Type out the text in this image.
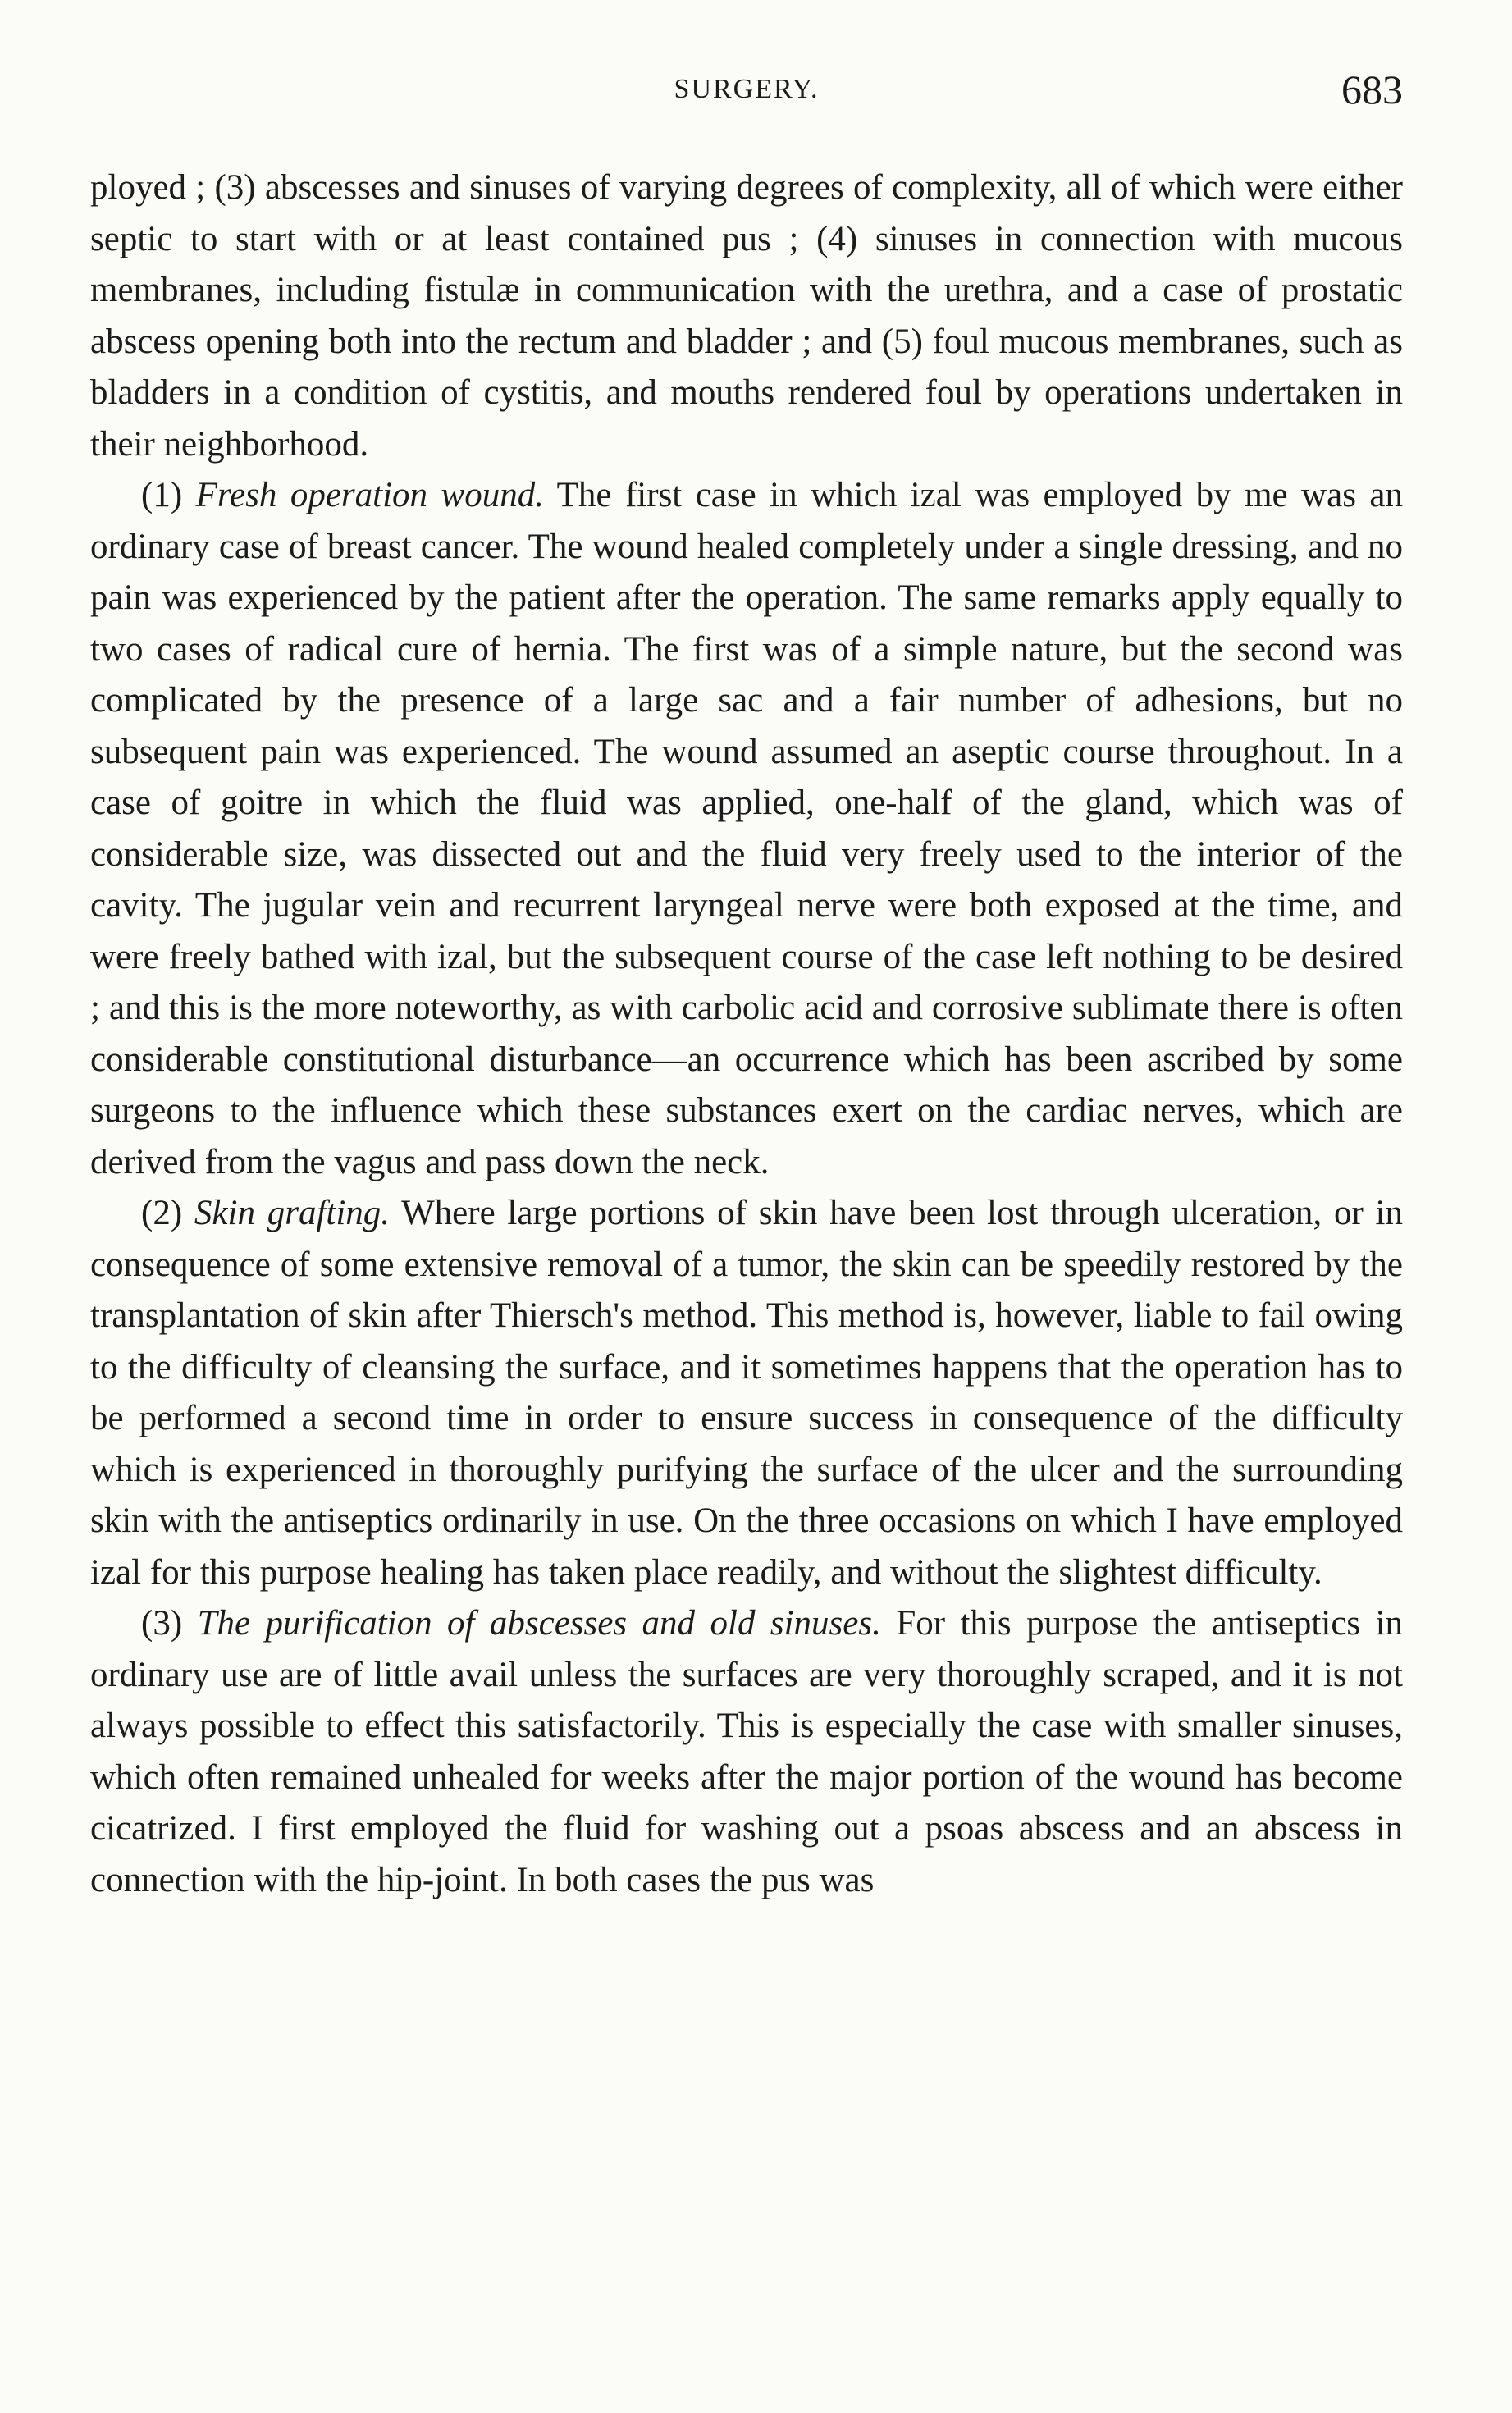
SURGERY.	683

ployed ; (3) abscesses and sinuses of varying degrees of complexity, all of which were either septic to start with or at least contained pus ; (4) sinuses in connection with mucous membranes, including fistulæ in communication with the urethra, and a case of prostatic abscess opening both into the rectum and bladder ; and (5) foul mucous membranes, such as bladders in a condition of cystitis, and mouths rendered foul by operations undertaken in their neighborhood.

(1) Fresh operation wound. The first case in which izal was employed by me was an ordinary case of breast cancer. The wound healed completely under a single dressing, and no pain was experienced by the patient after the operation. The same remarks apply equally to two cases of radical cure of hernia. The first was of a simple nature, but the second was complicated by the presence of a large sac and a fair number of adhesions, but no subsequent pain was experienced. The wound assumed an aseptic course throughout. In a case of goitre in which the fluid was applied, one-half of the gland, which was of considerable size, was dissected out and the fluid very freely used to the interior of the cavity. The jugular vein and recurrent laryngeal nerve were both exposed at the time, and were freely bathed with izal, but the subsequent course of the case left nothing to be desired ; and this is the more noteworthy, as with carbolic acid and corrosive sublimate there is often considerable constitutional disturbance—an occurrence which has been ascribed by some surgeons to the influence which these substances exert on the cardiac nerves, which are derived from the vagus and pass down the neck.

(2) Skin grafting. Where large portions of skin have been lost through ulceration, or in consequence of some extensive removal of a tumor, the skin can be speedily restored by the transplantation of skin after Thiersch's method. This method is, however, liable to fail owing to the difficulty of cleansing the surface, and it sometimes happens that the operation has to be performed a second time in order to ensure success in consequence of the difficulty which is experienced in thoroughly purifying the surface of the ulcer and the surrounding skin with the antiseptics ordinarily in use. On the three occasions on which I have employed izal for this purpose healing has taken place readily, and without the slightest difficulty.

(3) The purification of abscesses and old sinuses. For this purpose the antiseptics in ordinary use are of little avail unless the surfaces are very thoroughly scraped, and it is not always possible to effect this satisfactorily. This is especially the case with smaller sinuses, which often remained unhealed for weeks after the major portion of the wound has become cicatrized. I first employed the fluid for washing out a psoas abscess and an abscess in connection with the hip-joint. In both cases the pus was
